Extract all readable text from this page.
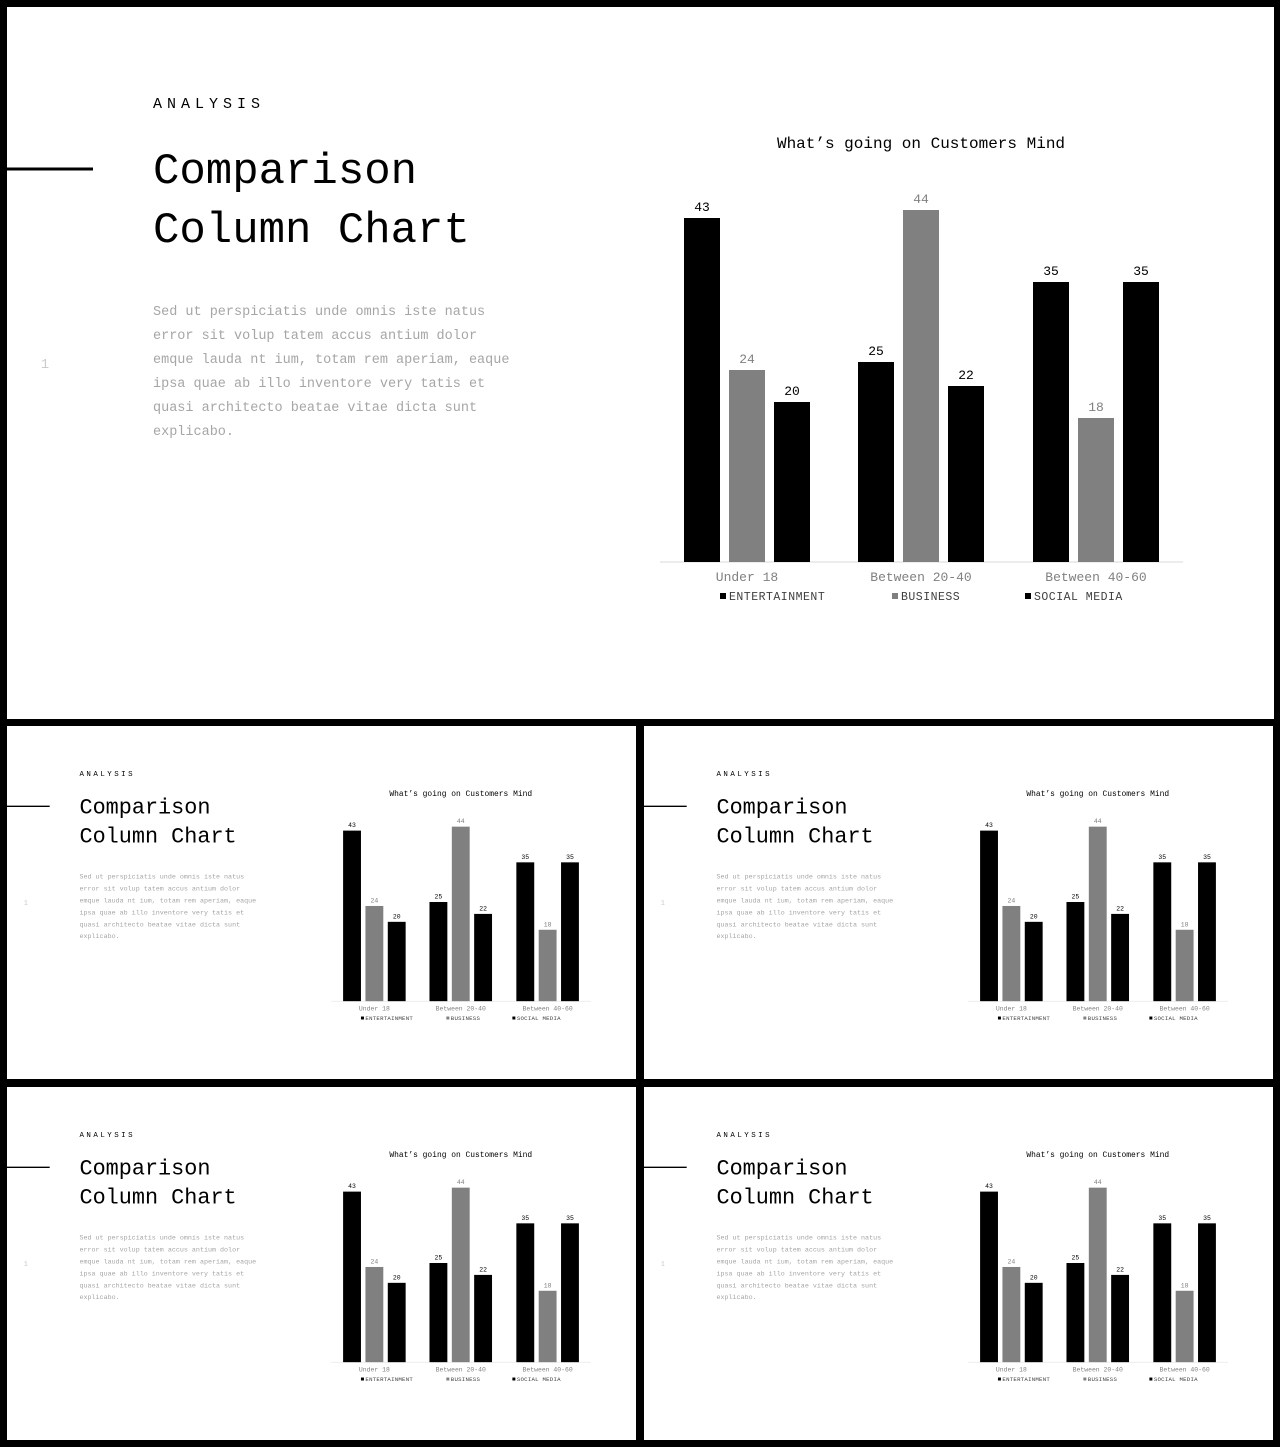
1
ANALYSIS
Comparison
Column Chart
Sed ut perspiciatis unde omnis iste natus
error sit volup tatem accus antium dolor
emque lauda nt ium, totam rem aperiam, eaque
ipsa quae ab illo inventore very tatis et
quasi architecto beatae vitae dicta sunt
explicabo.
What’s going on Customers Mind
43
24
20
Under 18
25
44
22
Between 20-40
35
18
35
Between 40-60
ENTERTAINMENT	BUSINESS	SOCIAL MEDIA
1
ANALYSIS
Comparison
Column Chart
Sed ut perspiciatis unde omnis iste natus
error sit volup tatem accus antium dolor
emque lauda nt ium, totam rem aperiam, eaque
ipsa quae ab illo inventore very tatis et
quasi architecto beatae vitae dicta sunt
explicabo.
What’s going on Customers Mind
43
24
20
Under 18
25
44
22
Between 20-40
35
18
35
Between 40-60
ENTERTAINMENT	BUSINESS	SOCIAL MEDIA
1
ANALYSIS
Comparison
Column Chart
Sed ut perspiciatis unde omnis iste natus
error sit volup tatem accus antium dolor
emque lauda nt ium, totam rem aperiam, eaque
ipsa quae ab illo inventore very tatis et
quasi architecto beatae vitae dicta sunt
explicabo.
What’s going on Customers Mind
43
24
20
Under 18
25
44
22
Between 20-40
35
18
35
Between 40-60
ENTERTAINMENT	BUSINESS	SOCIAL MEDIA
1
ANALYSIS
Comparison
Column Chart
Sed ut perspiciatis unde omnis iste natus
error sit volup tatem accus antium dolor
emque lauda nt ium, totam rem aperiam, eaque
ipsa quae ab illo inventore very tatis et
quasi architecto beatae vitae dicta sunt
explicabo.
What’s going on Customers Mind
43
24
20
Under 18
25
44
22
Between 20-40
35
18
35
Between 40-60
ENTERTAINMENT	BUSINESS	SOCIAL MEDIA
1
ANALYSIS
Comparison
Column Chart
Sed ut perspiciatis unde omnis iste natus
error sit volup tatem accus antium dolor
emque lauda nt ium, totam rem aperiam, eaque
ipsa quae ab illo inventore very tatis et
quasi architecto beatae vitae dicta sunt
explicabo.
What’s going on Customers Mind
43
24
20
Under 18
25
44
22
Between 20-40
35
18
35
Between 40-60
ENTERTAINMENT	BUSINESS	SOCIAL MEDIA
